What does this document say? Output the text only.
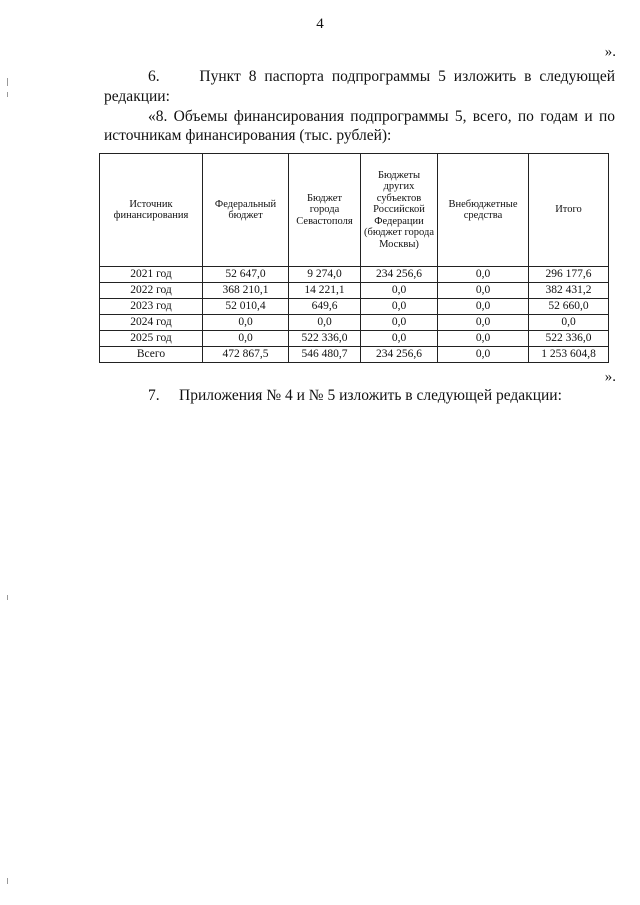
4
».
6.	Пункт 8 паспорта подпрограммы 5 изложить в следующей
редакции:
«8. Объемы финансирования подпрограммы 5, всего, по годам и по
источникам финансирования (тыс. рублей):
Источник финансирования	Федеральный бюджет	Бюджет города Севастополя	Бюджеты других субъектов Российской Федерации (бюджет города Москвы)	Внебюджетные средства	Итого
2021 год	52 647,0	9 274,0	234 256,6	0,0	296 177,6
2022 год	368 210,1	14 221,1	0,0	0,0	382 431,2
2023 год	52 010,4	649,6	0,0	0,0	52 660,0
2024 год	0,0	0,0	0,0	0,0	0,0
2025 год	0,0	522 336,0	0,0	0,0	522 336,0
Всего	472 867,5	546 480,7	234 256,6	0,0	1 253 604,8
».
7. Приложения № 4 и № 5 изложить в следующей редакции:
